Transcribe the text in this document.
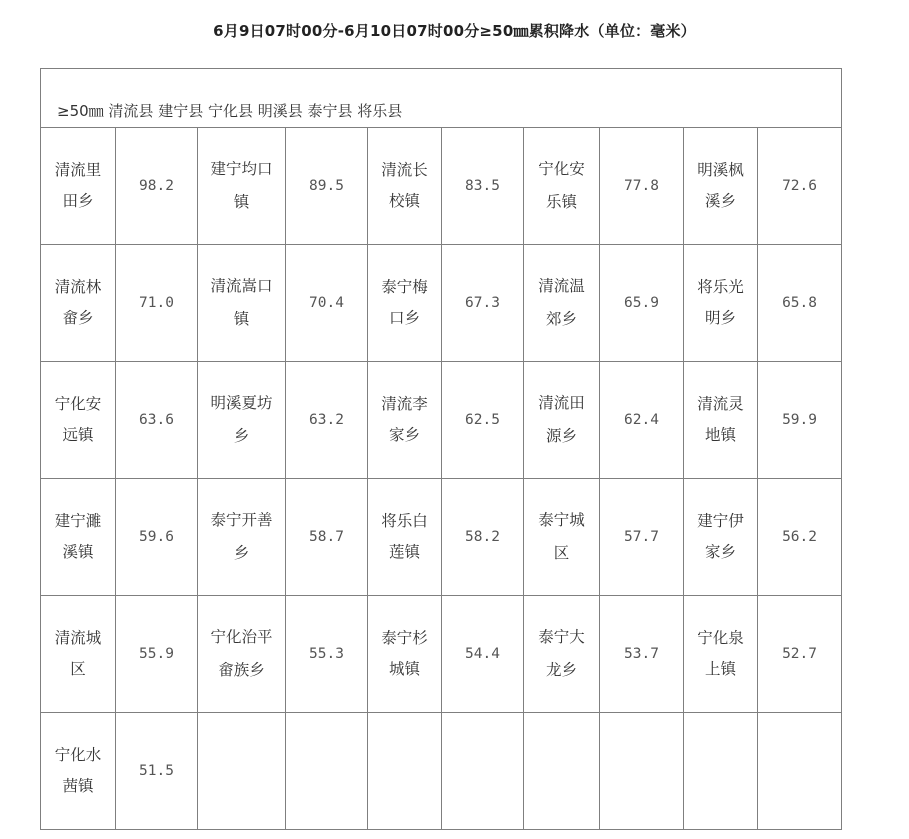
6月9日07时00分-6月10日07时00分≥50㎜累积降水（单位：毫米）
≥50㎜ 清流县 建宁县 宁化县 明溪县 泰宁县 将乐县									
清流里田乡	98.2	建宁均口镇	89.5	清流长校镇	83.5	宁化安乐镇	77.8	明溪枫溪乡	72.6
清流林畲乡	71.0	清流嵩口镇	70.4	泰宁梅口乡	67.3	清流温郊乡	65.9	将乐光明乡	65.8
宁化安远镇	63.6	明溪夏坊乡	63.2	清流李家乡	62.5	清流田源乡	62.4	清流灵地镇	59.9
建宁濉溪镇	59.6	泰宁开善乡	58.7	将乐白莲镇	58.2	泰宁城区	57.7	建宁伊家乡	56.2
清流城区	55.9	宁化治平畲族乡	55.3	泰宁杉城镇	54.4	泰宁大龙乡	53.7	宁化泉上镇	52.7
宁化水茜镇	51.5								
